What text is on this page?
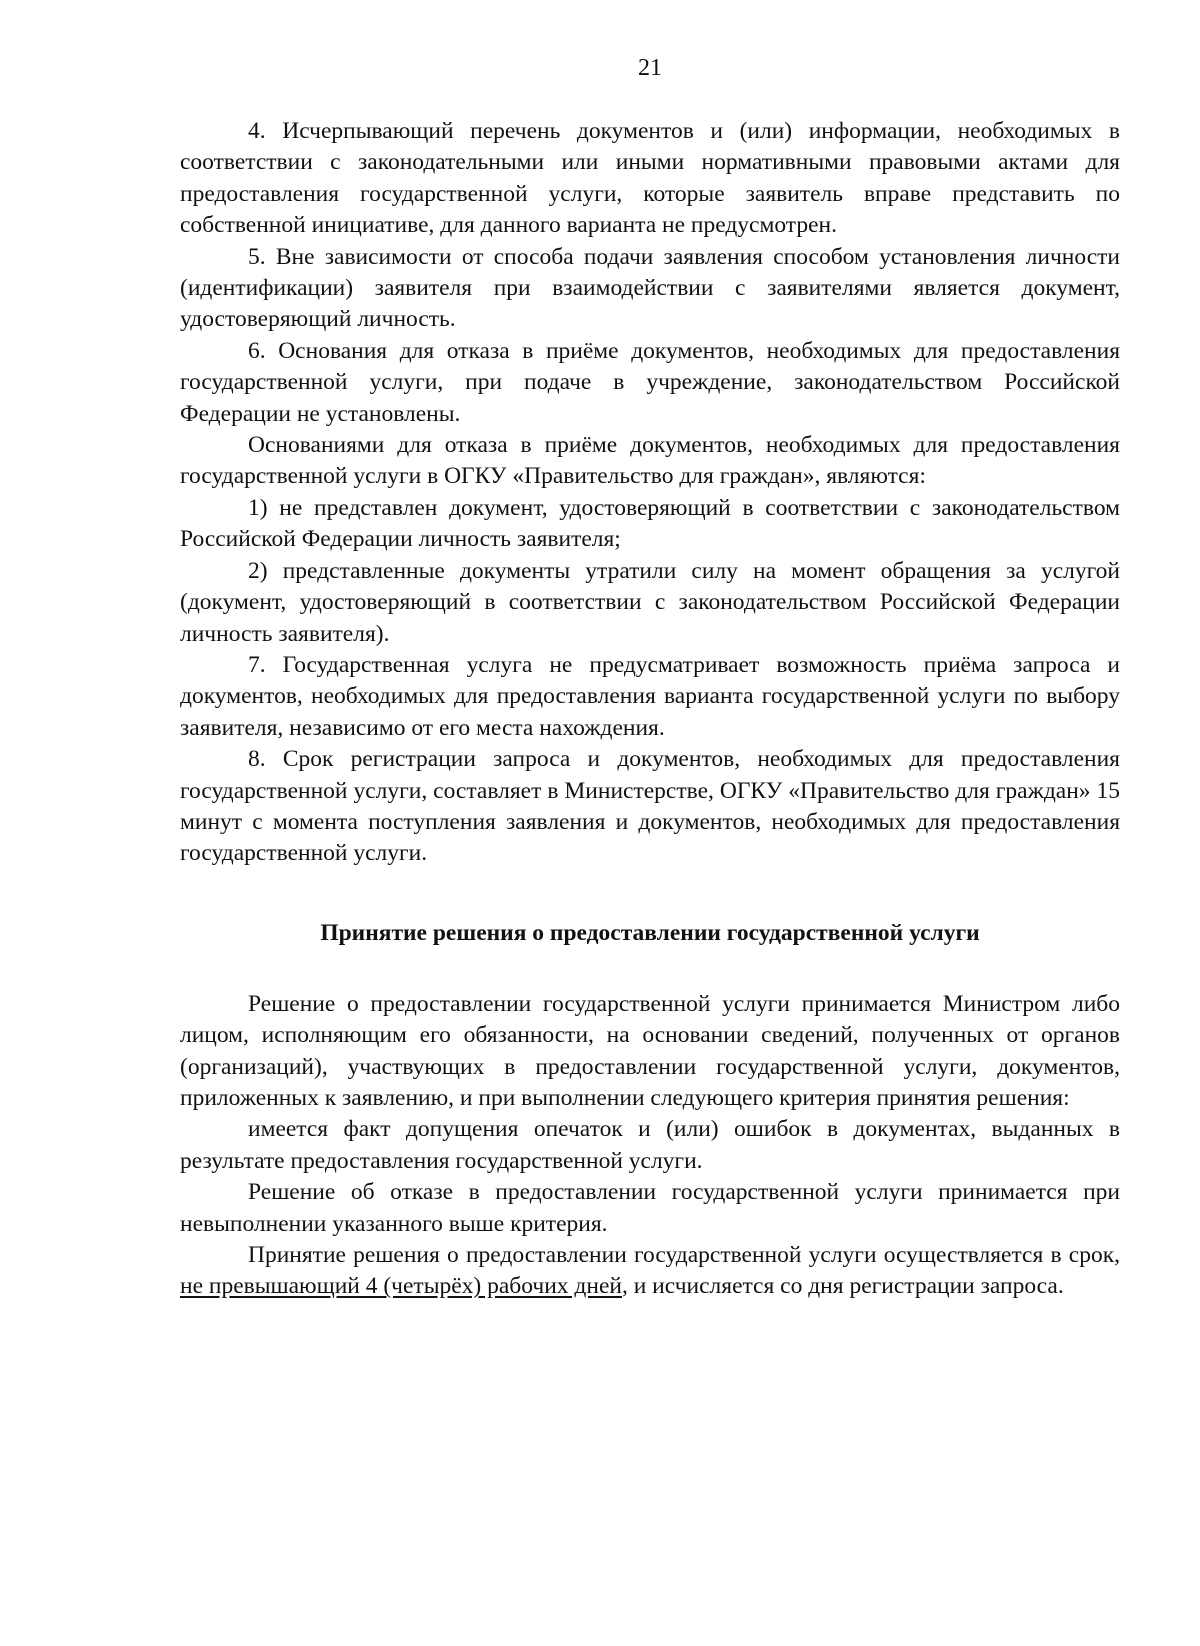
21

4. Исчерпывающий перечень документов и (или) информации, необходимых в соответствии с законодательными или иными нормативными правовыми актами для предоставления государственной услуги, которые заявитель вправе представить по собственной инициативе, для данного варианта не предусмотрен.

5. Вне зависимости от способа подачи заявления способом установления личности (идентификации) заявителя при взаимодействии с заявителями является документ, удостоверяющий личность.

6. Основания для отказа в приёме документов, необходимых для предоставления государственной услуги, при подаче в учреждение, законодательством Российской Федерации не установлены.

Основаниями для отказа в приёме документов, необходимых для предоставления государственной услуги в ОГКУ «Правительство для граждан», являются:

1) не представлен документ, удостоверяющий в соответствии с законодательством Российской Федерации личность заявителя;

2) представленные документы утратили силу на момент обращения за услугой (документ, удостоверяющий в соответствии с законодательством Российской Федерации личность заявителя).

7. Государственная услуга не предусматривает возможность приёма запроса и документов, необходимых для предоставления варианта государственной услуги по выбору заявителя, независимо от его места нахождения.

8. Срок регистрации запроса и документов, необходимых для предоставления государственной услуги, составляет в Министерстве, ОГКУ «Правительство для граждан» 15 минут с момента поступления заявления и документов, необходимых для предоставления государственной услуги.

Принятие решения о предоставлении государственной услуги

Решение о предоставлении государственной услуги принимается Министром либо лицом, исполняющим его обязанности, на основании сведений, полученных от органов (организаций), участвующих в предоставлении государственной услуги, документов, приложенных к заявлению, и при выполнении следующего критерия принятия решения:

имеется факт допущения опечаток и (или) ошибок в документах, выданных в результате предоставления государственной услуги.

Решение об отказе в предоставлении государственной услуги принимается при невыполнении указанного выше критерия.

Принятие решения о предоставлении государственной услуги осуществляется в срок, не превышающий 4 (четырёх) рабочих дней, и исчисляется со дня регистрации запроса.
